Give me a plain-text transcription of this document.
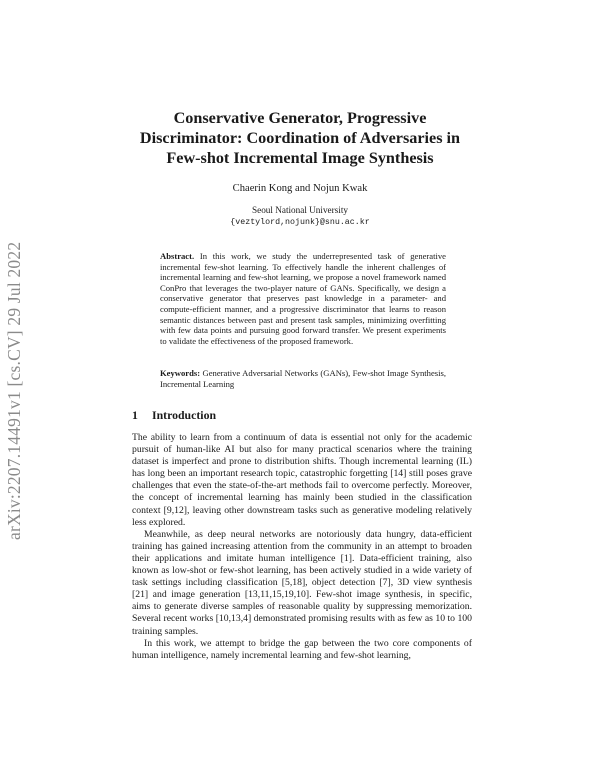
arXiv:2207.14491v1 [cs.CV] 29 Jul 2022
Conservative Generator, Progressive
Discriminator: Coordination of Adversaries in
Few-shot Incremental Image Synthesis
Chaerin Kong and Nojun Kwak
Seoul National University
{veztylord,nojunk}@snu.ac.kr
Abstract. In this work, we study the underrepresented task of generative incremental few-shot learning. To effectively handle the inherent challenges of incremental learning and few-shot learning, we propose a novel framework named ConPro that leverages the two-player nature of GANs. Specifically, we design a conservative generator that preserves past knowledge in a parameter- and compute-efficient manner, and a progressive discriminator that learns to reason semantic distances between past and present task samples, minimizing overfitting with few data points and pursuing good forward transfer. We present experiments to validate the effectiveness of the proposed framework.
Keywords: Generative Adversarial Networks (GANs), Few-shot Image Synthesis, Incremental Learning
1 Introduction

The ability to learn from a continuum of data is essential not only for the academic pursuit of human-like AI but also for many practical scenarios where the training dataset is imperfect and prone to distribution shifts. Though incremental learning (IL) has long been an important research topic, catastrophic forgetting [14] still poses grave challenges that even the state-of-the-art methods fail to overcome perfectly. Moreover, the concept of incremental learning has mainly been studied in the classification context [9,12], leaving other downstream tasks such as generative modeling relatively less explored.

Meanwhile, as deep neural networks are notoriously data hungry, data-efficient training has gained increasing attention from the community in an attempt to broaden their applications and imitate human intelligence [1]. Data-efficient training, also known as low-shot or few-shot learning, has been actively studied in a wide variety of task settings including classification [5,18], object detection [7], 3D view synthesis [21] and image generation [13,11,15,19,10]. Few-shot image synthesis, in specific, aims to generate diverse samples of reasonable quality by suppressing memorization. Several recent works [10,13,4] demonstrated promising results with as few as 10 to 100 training samples.

In this work, we attempt to bridge the gap between the two core components of human intelligence, namely incremental learning and few-shot learning,
